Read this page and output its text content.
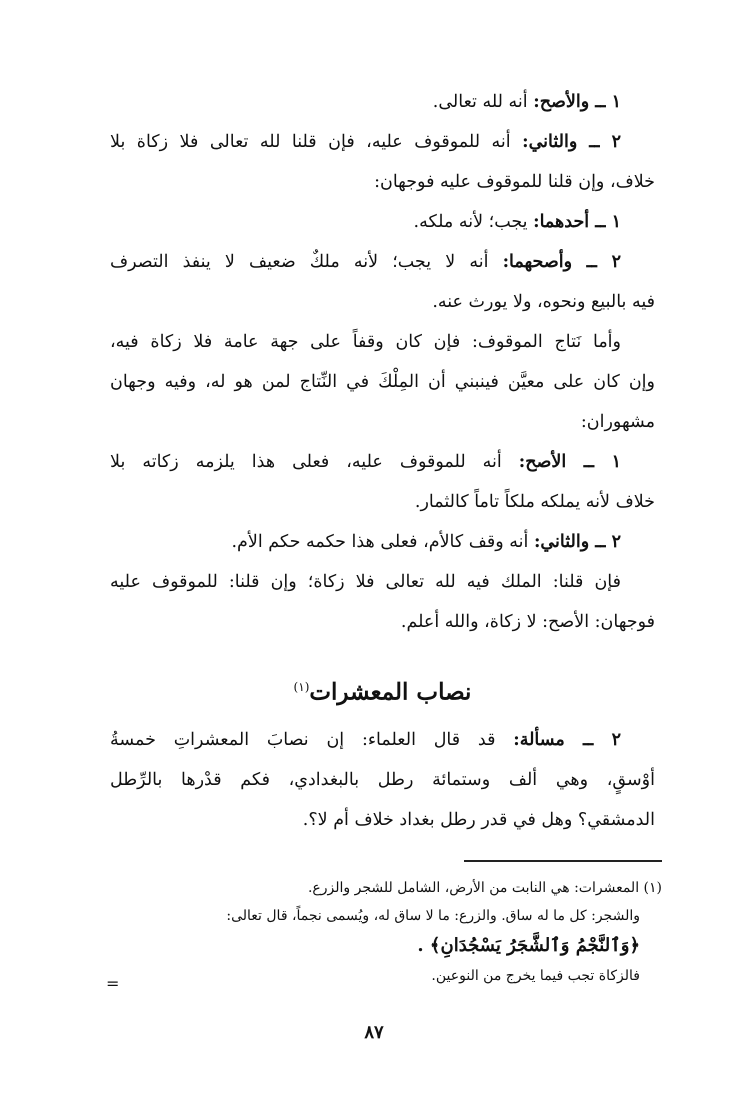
١ ــ والأصح: أنه لله تعالى.
٢ ــ والثاني: أنه للموقوف عليه، فإن قلنا لله تعالى فلا زكاة بلا
خلاف، وإن قلنا للموقوف عليه فوجهان:
١ ــ أحدهما: يجب؛ لأنه ملكه.
٢ ــ وأصحهما: أنه لا يجب؛ لأنه ملكٌ ضعيف لا ينفذ التصرف
فيه بالبيع ونحوه، ولا يورث عنه.
وأما نَتاج الموقوف: فإن كان وقفاً على جهة عامة فلا زكاة فيه،
وإن كان على معيَّن فينبني أن المِلْكَ في النِّتاج لمن هو له، وفيه وجهان
مشهوران:
١ ــ الأصح: أنه للموقوف عليه، فعلى هذا يلزمه زكاته بلا
خلاف لأنه يملكه ملكاً تاماً كالثمار.
٢ ــ والثاني: أنه وقف كالأم، فعلى هذا حكمه حكم الأم.
فإن قلنا: الملك فيه لله تعالى فلا زكاة؛ وإن قلنا: للموقوف عليه
فوجهان: الأصح: لا زكاة، والله أعلم.
نصاب المعشرات$^{(١)}$
٢ ــ مسألة: قد قال العلماء: إن نصابَ المعشراتِ خمسةُ
أوْسقٍ، وهي ألف وستمائة رطل بالبغدادي، فكم قدْرها بالرِّطل
الدمشقي؟ وهل في قدر رطل بغداد خلاف أم لا؟.
(١) المعشرات: هي النابت من الأرض، الشامل للشجر والزرع.
والشجر: كل ما له ساق. والزرع: ما لا ساق له، ويُسمى نجماً، قال تعالى:
﴿وَٱلنَّجْمُ وَٱلشَّجَرُ يَسْجُدَانِ﴾ .
فالزكاة تجب فيما يخرج من النوعين.
=
٨٧
